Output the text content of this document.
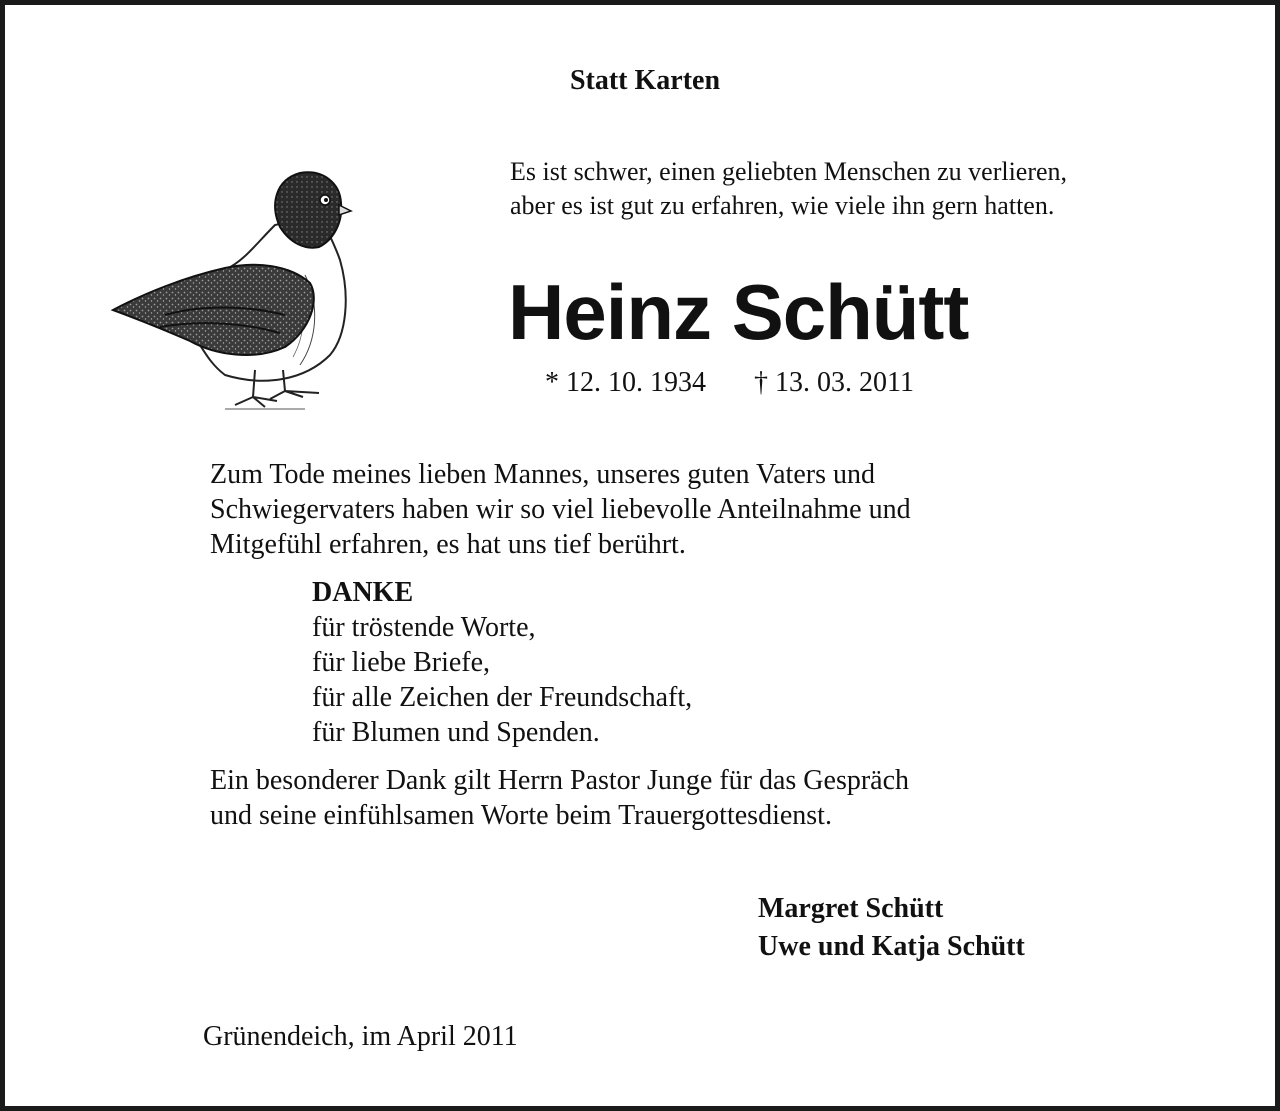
Statt Karten

Es ist schwer, einen geliebten Menschen zu verlieren,
aber es ist gut zu erfahren, wie viele ihn gern hatten.

Heinz Schütt

* 12. 10. 1934 † 13. 03. 2011

Zum Tode meines lieben Mannes, unseres guten Vaters und
Schwiegervaters haben wir so viel liebevolle Anteilnahme und
Mitgefühl erfahren, es hat uns tief berührt.
DANKE
für tröstende Worte,
für liebe Briefe,
für alle Zeichen der Freundschaft,
für Blumen und Spenden.
Ein besonderer Dank gilt Herrn Pastor Junge für das Gespräch
und seine einfühlsamen Worte beim Trauergottesdienst.
Margret Schütt
Uwe und Katja Schütt

Grünendeich, im April 2011
